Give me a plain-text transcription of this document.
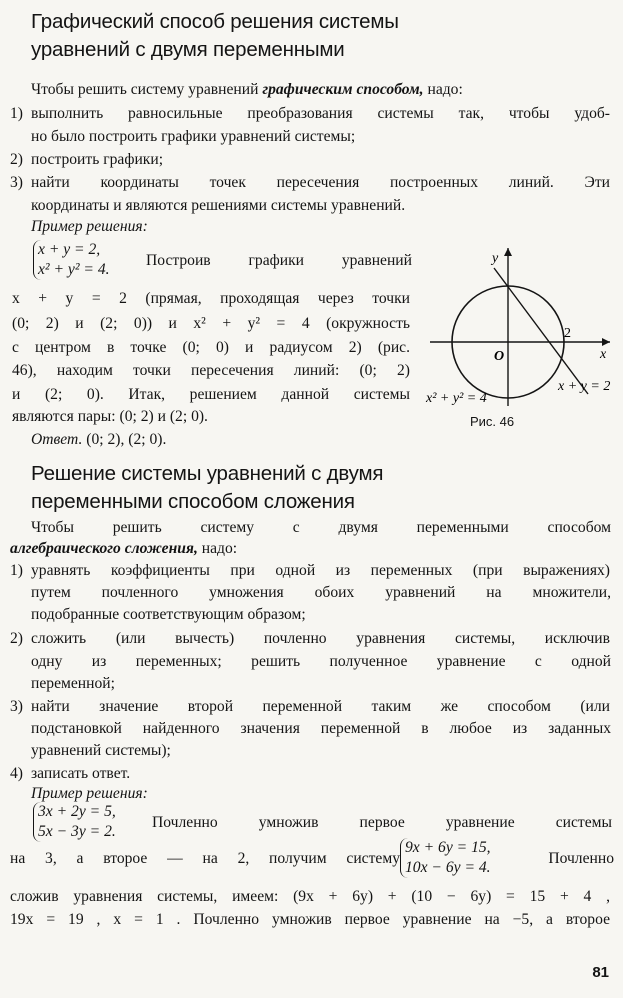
Графический способ решения системы
уравнений с двумя переменными
Чтобы решить систему уравнений графическим способом, надо:
1) выполнить равносильные преобразования системы так, чтобы удоб-
но было построить графики уравнений системы;
2) построить графики;
3) найти координаты точек пересечения построенных линий. Эти
координаты и являются решениями системы уравнений.
Пример решения:
x + y = 2,
x² + y² = 4.
Построив графики уравнений
x + y = 2 (прямая, проходящая через точки
(0; 2) и (2; 0)) и x² + y² = 4 (окружность
с центром в точке (0; 0) и радиусом 2) (рис.
46), находим точки пересечения линий: (0; 2)
и (2; 0). Итак, решением данной системы
являются пары: (0; 2) и (2; 0).
Ответ. (0; 2), (2; 0).
y
x
O
2
x + y = 2
x² + y² = 4
Рис. 46
Решение системы уравнений с двумя
переменными способом сложения
Чтобы решить систему с двумя переменными способом
алгебраического сложения, надо:
1) уравнять коэффициенты при одной из переменных (при выражениях)
путем почленного умножения обоих уравнений на множители,
подобранные соответствующим образом;
2) сложить (или вычесть) почленно уравнения системы, исключив
одну из переменных; решить полученное уравнение с одной
переменной;
3) найти значение второй переменной таким же способом (или
подстановкой найденного значения переменной в любое из заданных
уравнений системы);
4) записать ответ.
Пример решения:
3x + 2y = 5,
5x − 3y = 2.
Почленно умножив первое уравнение системы
на 3, а второе — на 2, получим систему
9x + 6y = 15,
10x − 6y = 4.
Почленно
сложив уравнения системы, имеем: (9x + 6y) + (10 − 6y) = 15 + 4 ,
19x = 19 , x = 1 . Почленно умножив первое уравнение на −5, а второе
81
